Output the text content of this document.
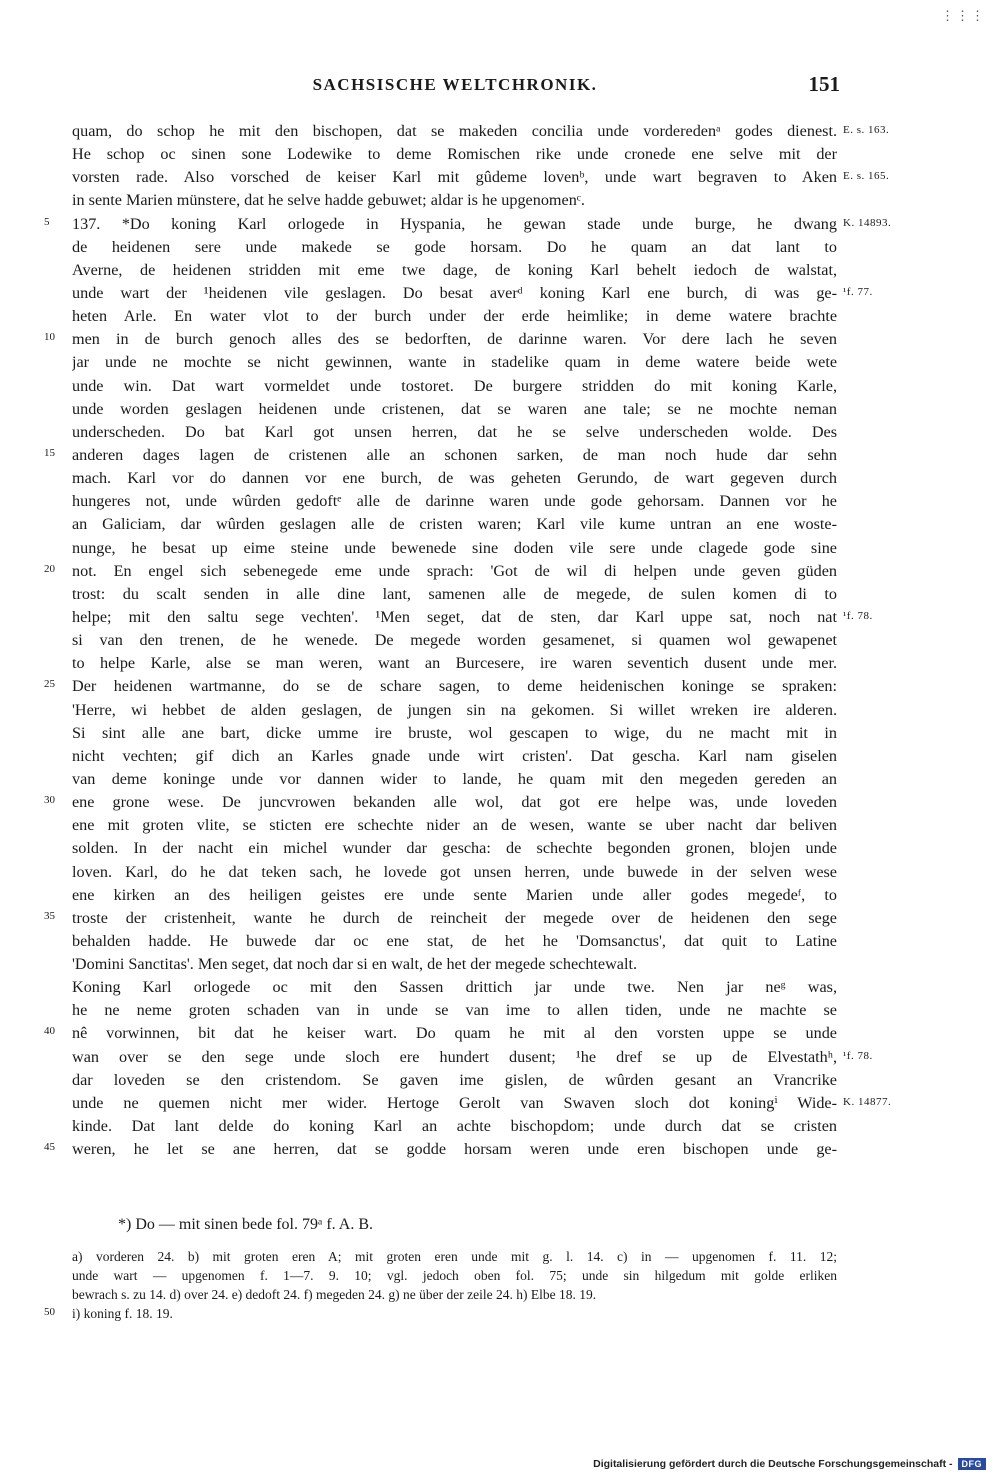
⋮⋮⋮
SACHSISCHE WELTCHRONIK.	151
quam, do schop he mit den bischopen, dat se makeden concilia unde vorderedenᵃ godes dienest. E. s. 163.
He schop oc sinen sone Lodewike to deme Romischen rike unde cronede ene selve mit der
vorsten rade. Also vorsched de keiser Karl mit gûdeme lovenᵇ, unde wart begraven to Aken E. s. 165.
in sente Marien münstere, dat he selve hadde gebuwet; aldar is he upgenomenᶜ.
5 137. *Do koning Karl orlogede in Hyspania, he gewan stade unde burge, he dwang K. 14893.
de heidenen sere unde makede se gode horsam. Do he quam an dat lant to
Averne, de heidenen stridden mit eme twe dage, de koning Karl behelt iedoch de walstat,
unde wart der ¹heidenen vile geslagen. Do besat averᵈ koning Karl ene burch, di was ge- ¹f. 77.
heten Arle. En water vlot to der burch under der erde heimlike; in deme watere brachte
10 men in de burch genoch alles des se bedorften, de darinne waren. Vor dere lach he seven
jar unde ne mochte se nicht gewinnen, wante in stadelike quam in deme watere beide wete
unde win. Dat wart vormeldet unde tostoret. De burgere stridden do mit koning Karle,
unde worden geslagen heidenen unde cristenen, dat se waren ane tale; se ne mochte neman
underscheden. Do bat Karl got unsen herren, dat he se selve underscheden wolde. Des
15 anderen dages lagen de cristenen alle an schonen sarken, de man noch hude dar sehn
mach. Karl vor do dannen vor ene burch, de was geheten Gerundo, de wart gegeven durch
hungeres not, unde wûrden gedoftᵉ alle de darinne waren unde gode gehorsam. Dannen vor he
an Galiciam, dar wûrden geslagen alle de cristen waren; Karl vile kume untran an ene woste-
nunge, he besat up eime steine unde bewenede sine doden vile sere unde clagede gode sine
20 not. En engel sich sebenegede eme unde sprach: 'Got de wil di helpen unde geven güden
trost: du scalt senden in alle dine lant, samenen alle de megede, de sulen komen di to
helpe; mit den saltu sege vechten'. ¹Men seget, dat de sten, dar Karl uppe sat, noch nat ¹f. 78.
si van den trenen, de he wenede. De megede worden gesamenet, si quamen wol gewapenet
to helpe Karle, alse se man weren, want an Burcesere, ire waren seventich dusent unde mer.
25 Der heidenen wartmanne, do se de schare sagen, to deme heidenischen koninge se spraken:
'Herre, wi hebbet de alden geslagen, de jungen sin na gekomen. Si willet wreken ire alderen.
Si sint alle ane bart, dicke umme ire bruste, wol gescapen to wige, du ne macht mit in
nicht vechten; gif dich an Karles gnade unde wirt cristen'. Dat gescha. Karl nam giselen
van deme koninge unde vor dannen wider to lande, he quam mit den megeden gereden an
30 ene grone wese. De juncvrowen bekanden alle wol, dat got ere helpe was, unde loveden
ene mit groten vlite, se sticten ere schechte nider an de wesen, wante se uber nacht dar beliven
solden. In der nacht ein michel wunder dar gescha: de schechte begonden gronen, blojen unde
loven. Karl, do he dat teken sach, he lovede got unsen herren, unde buwede in der selven wese
ene kirken an des heiligen geistes ere unde sente Marien unde aller godes megedeᶠ, to
35 troste der cristenheit, wante he durch de reincheit der megede over de heidenen den sege
behalden hadde. He buwede dar oc ene stat, de het he 'Domsanctus', dat quit to Latine
'Domini Sanctitas'. Men seget, dat noch dar si en walt, de het der megede schechtewalt.
Koning Karl orlogede oc mit den Sassen drittich jar unde twe. Nen jar neᵍ was,
he ne neme groten schaden van in unde se van ime to allen tiden, unde ne machte se
40 nê vorwinnen, bit dat he keiser wart. Do quam he mit al den vorsten uppe se unde
wan over se den sege unde sloch ere hundert dusent; ¹he dref se up de Elvestathʰ, ¹f. 78.
dar loveden se den cristendom. Se gaven ime gislen, de wûrden gesant an Vrancrike
unde ne quemen nicht mer wider. Hertoge Gerolt van Swaven sloch dot koningⁱ Wide- K. 14877.
kinde. Dat lant delde do koning Karl an achte bischopdom; unde durch dat se cristen
45 weren, he let se ane herren, dat se godde horsam weren unde eren bischopen unde ge-
*) Do — mit sinen bede fol. 79ᵃ f. A. B.
a) vorderen 24. b) mit groten eren A; mit groten eren unde mit g. l. 14. c) in — upgenomen f. 11. 12;
unde wart — upgenomen f. 1—7. 9. 10; vgl. jedoch oben fol. 75; unde sin hilgedum mit golde erliken
bewrach s. zu 14. d) over 24. e) dedoft 24. f) megeden 24. g) ne über der zeile 24. h) Elbe 18. 19.
50 i) koning f. 18. 19.
Digitalisierung gefördert durch die Deutsche Forschungsgemeinschaft -	DFG
